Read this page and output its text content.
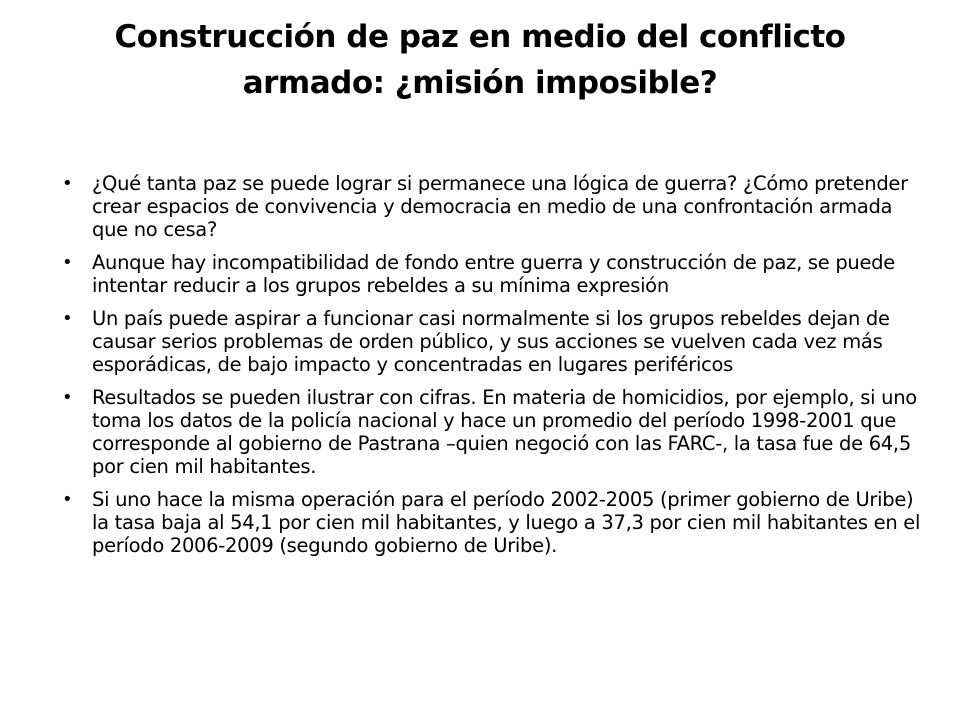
Construcción de paz en medio del conflicto armado: ¿misión imposible?
•	¿Qué tanta paz se puede lograr si permanece una lógica de guerra? ¿Cómo pretender crear espacios de convivencia y democracia en medio de una confrontación armada que no cesa?
•	Aunque hay incompatibilidad de fondo entre guerra y construcción de paz, se puede intentar reducir a los grupos rebeldes a su mínima expresión
•	Un país puede aspirar a funcionar casi normalmente si los grupos rebeldes dejan de causar serios problemas de orden público, y sus acciones se vuelven cada vez más esporádicas, de bajo impacto y concentradas en lugares periféricos
•	Resultados se pueden ilustrar con cifras. En materia de homicidios, por ejemplo, si uno toma los datos de la policía nacional y hace un promedio del período 1998-2001 que corresponde al gobierno de Pastrana –quien negoció con las FARC-, la tasa fue de 64,5 por cien mil habitantes.
•	Si uno hace la misma operación para el período 2002-2005 (primer gobierno de Uribe) la tasa baja al 54,1 por cien mil habitantes, y luego a 37,3 por cien mil habitantes en el período 2006-2009 (segundo gobierno de Uribe).
